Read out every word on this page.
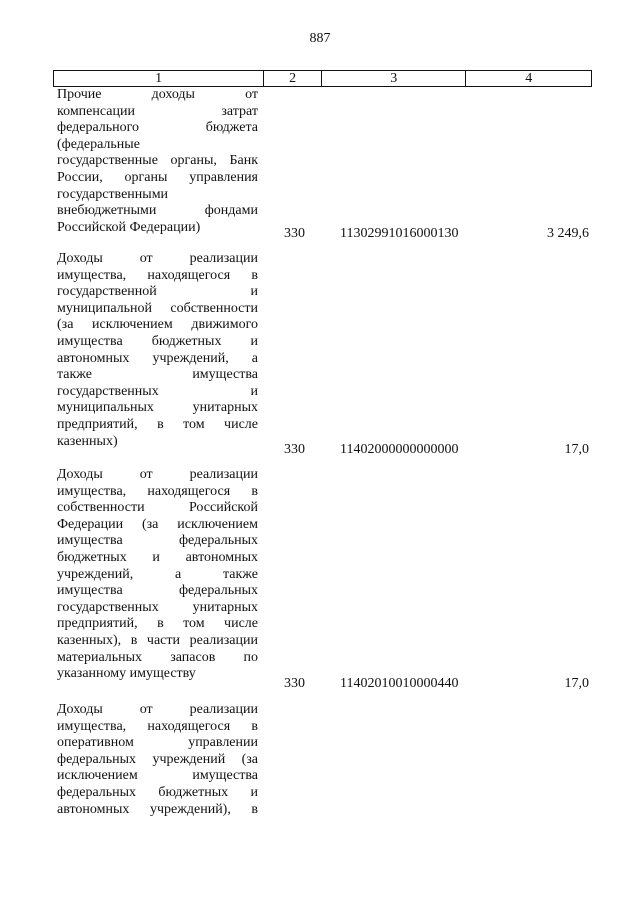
887
1	2	3	4
Прочие доходы от
компенсации затрат
федерального бюджета
(федеральные
государственные органы, Банк
России, органы управления
государственными
внебюджетными фондами
Российской Федерации)	330	11302991016000130	3 249,6
Доходы от реализации
имущества, находящегося в
государственной и
муниципальной собственности
(за исключением движимого
имущества бюджетных и
автономных учреждений, а
также имущества
государственных и
муниципальных унитарных
предприятий, в том числе
казенных)
330	11402000000000000	17,0
Доходы от реализации
имущества, находящегося в
собственности Российской
Федерации (за исключением
имущества федеральных
бюджетных и автономных
учреждений, а также
имущества федеральных
государственных унитарных
предприятий, в том числе
казенных), в части реализации
материальных запасов по
указанному имуществу
330	11402010010000440	17,0
Доходы от реализации
имущества, находящегося в
оперативном управлении
федеральных учреждений (за
исключением имущества
федеральных бюджетных и
автономных учреждений), в
